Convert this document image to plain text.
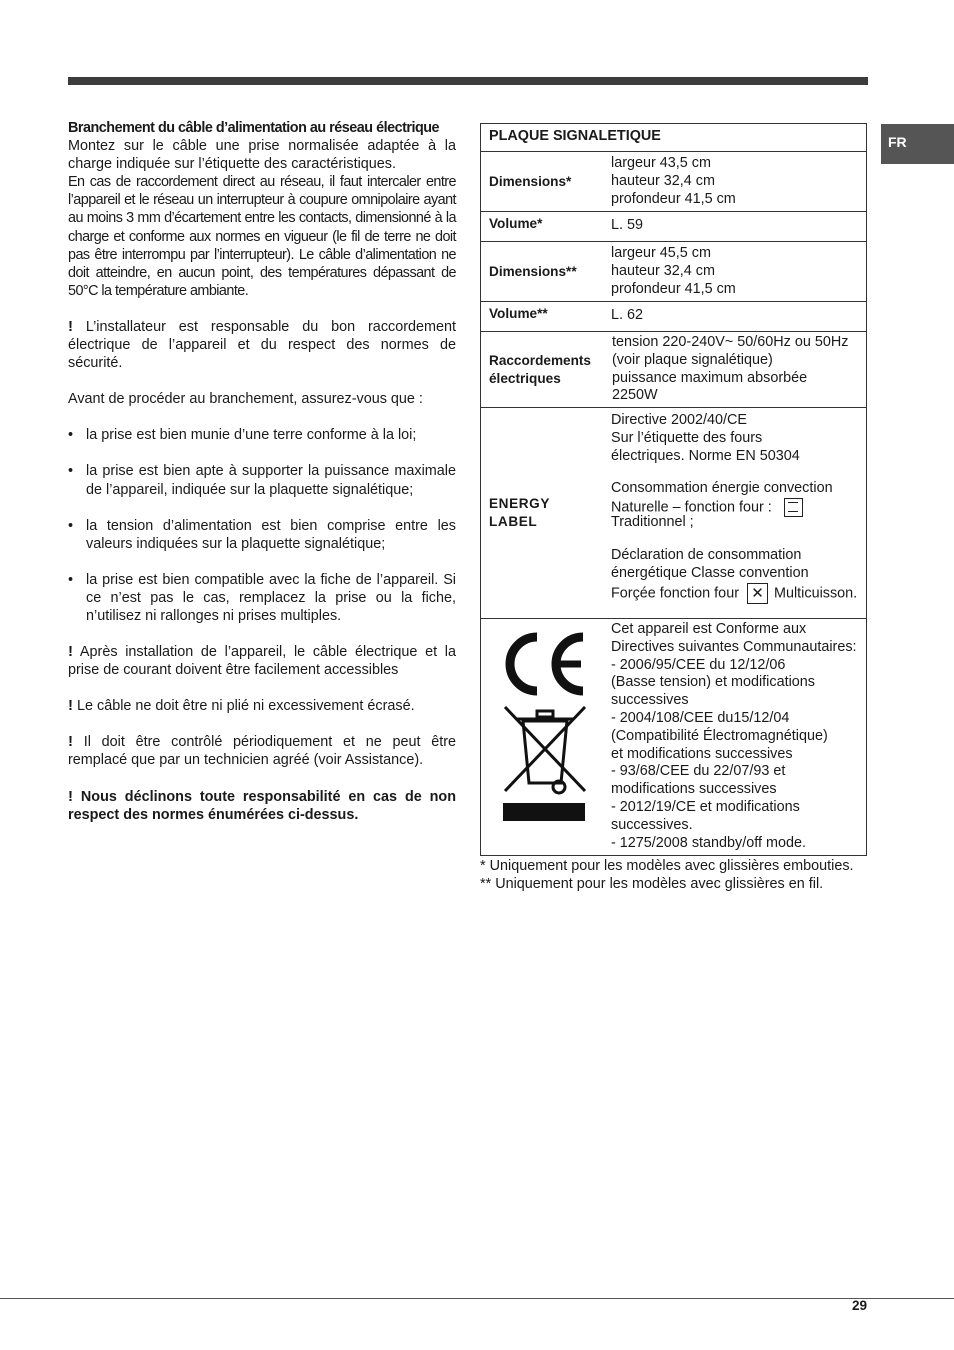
FR

Branchement du câble d’alimentation au réseau électrique

Montez sur le câble une prise normalisée adaptée à la charge indiquée sur l’étiquette des caractéristiques.

En cas de raccordement direct au réseau, il faut intercaler entre l’appareil et le réseau un interrupteur à coupure omnipolaire ayant au moins 3 mm d’écartement entre les contacts, dimensionné à la charge et conforme aux normes en vigueur (le fil de terre ne doit pas être interrompu par l’interrupteur). Le câble d’alimentation ne doit atteindre, en aucun point, des températures dépassant de 50°C la température ambiante.

! L’installateur est responsable du bon raccordement électrique de l’appareil et du respect des normes de sécurité.

Avant de procéder au branchement, assurez-vous que :

• la prise est bien munie d’une terre conforme à la loi;

• la prise est bien apte à supporter la puissance maximale de l’appareil, indiquée sur la plaquette signalétique;

• la tension d’alimentation est bien comprise entre les valeurs indiquées sur la plaquette signalétique;

• la prise est bien compatible avec la fiche de l’appareil. Si ce n’est pas le cas, remplacez la prise ou la fiche, n’utilisez ni rallonges ni prises multiples.

! Après installation de l’appareil, le câble électrique et la prise de courant doivent être facilement accessibles

! Le câble ne doit être ni plié ni excessivement écrasé.

! Il doit être contrôlé périodiquement et ne peut être remplacé que par un technicien agréé (voir Assistance).

! Nous déclinons toute responsabilité en cas de non respect des normes énumérées ci-dessus.

PLAQUE SIGNALETIQUE
Dimensions*
largeur 43,5 cm
hauteur 32,4 cm
profondeur 41,5 cm
Volume*	L. 59
Dimensions**
largeur 45,5 cm
hauteur 32,4 cm
profondeur 41,5 cm
Volume**	L. 62
Raccordements
électriques
tension 220-240V~ 50/60Hz ou 50Hz
(voir plaque signalétique)
puissance maximum absorbée
2250W
ENERGY
LABEL
Directive 2002/40/CE
Sur l’étiquette des fours
électriques. Norme EN 50304
Consommation énergie convection
Naturelle – fonction four :
Traditionnel ;
Déclaration de consommation
énergétique Classe convention
Forçée fonction four ✕ Multicuisson.
Cet appareil est Conforme aux
Directives suivantes Communautaires:
- 2006/95/CEE du 12/12/06
(Basse tension) et modifications
successives
- 2004/108/CEE du15/12/04
(Compatibilité Électromagnétique)
et modifications successives
- 93/68/CEE du 22/07/93 et
modifications successives
- 2012/19/CE et modifications
successives.
- 1275/2008 standby/off mode.
* Uniquement pour les modèles avec glissières embouties.
** Uniquement pour les modèles avec glissières en fil.
29
